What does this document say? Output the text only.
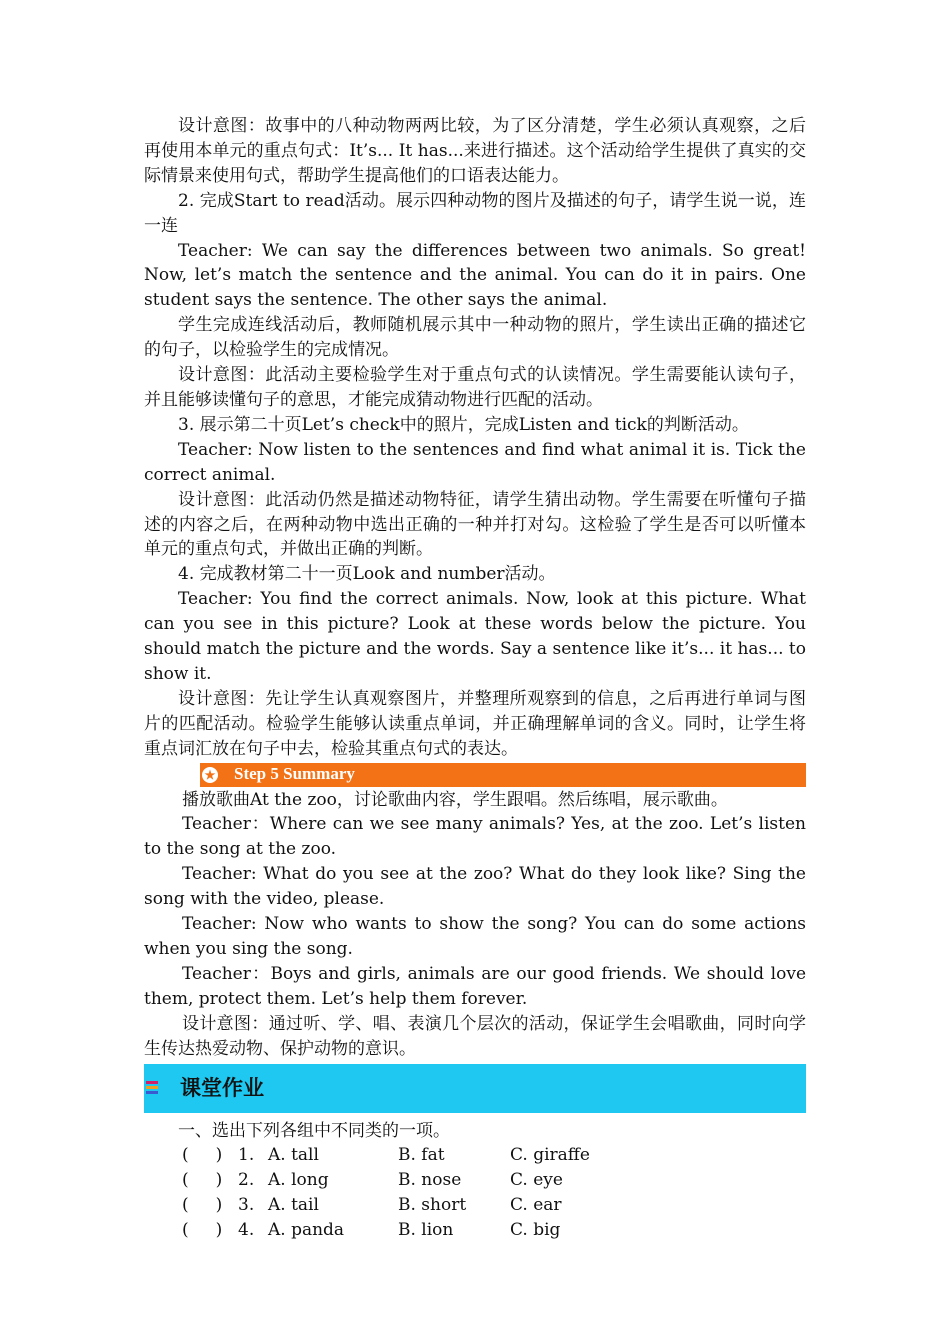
设计意图：故事中的八种动物两两比较，为了区分清楚，学生必须认真观察，之后再使用本单元的重点句式：It’s... It has...来进行描述。这个活动给学生提供了真实的交际情景来使用句式，帮助学生提高他们的口语表达能力。
2. 完成Start to read活动。展示四种动物的图片及描述的句子，请学生说一说，连一连
Teacher: We can say the differences between two animals. So great! Now, let’s match the sentence and the animal. You can do it in pairs. One student says the sentence. The other says the animal.
学生完成连线活动后，教师随机展示其中一种动物的照片，学生读出正确的描述它的句子，以检验学生的完成情况。
设计意图：此活动主要检验学生对于重点句式的认读情况。学生需要能认读句子，并且能够读懂句子的意思，才能完成猜动物进行匹配的活动。
3. 展示第二十页Let’s check中的照片，完成Listen and tick的判断活动。
Teacher: Now listen to the sentences and find what animal it is. Tick the correct animal.
设计意图：此活动仍然是描述动物特征，请学生猜出动物。学生需要在听懂句子描述的内容之后，在两种动物中选出正确的一种并打对勾。这检验了学生是否可以听懂本单元的重点句式，并做出正确的判断。
4. 完成教材第二十一页Look and number活动。
Teacher: You find the correct animals. Now, look at this picture. What can you see in this picture? Look at these words below the picture. You should match the picture and the words. Say a sentence like it’s... it has... to show it.
设计意图：先让学生认真观察图片，并整理所观察到的信息，之后再进行单词与图片的匹配活动。检验学生能够认读重点单词，并正确理解单词的含义。同时，让学生将重点词汇放在句子中去，检验其重点句式的表达。
★ Step 5 Summary
播放歌曲At the zoo，讨论歌曲内容，学生跟唱。然后练唱，展示歌曲。
Teacher：Where can we see many animals? Yes, at the zoo. Let’s listen to the song at the zoo.
Teacher: What do you see at the zoo? What do they look like? Sing the song with the video, please.
Teacher: Now who wants to show the song? You can do some actions when you sing the song.
Teacher：Boys and girls, animals are our good friends. We should love them, protect them. Let’s help them forever.
设计意图：通过听、学、唱、表演几个层次的活动，保证学生会唱歌曲，同时向学生传达热爱动物、保护动物的意识。
课堂作业
一、选出下列各组中不同类的一项。
(     ) 1. A. tall	B. fat	C. giraffe
(     ) 2. A. long	B. nose	C. eye
(     ) 3. A. tail	B. short	C. ear
(     ) 4. A. panda	B. lion	C. big
